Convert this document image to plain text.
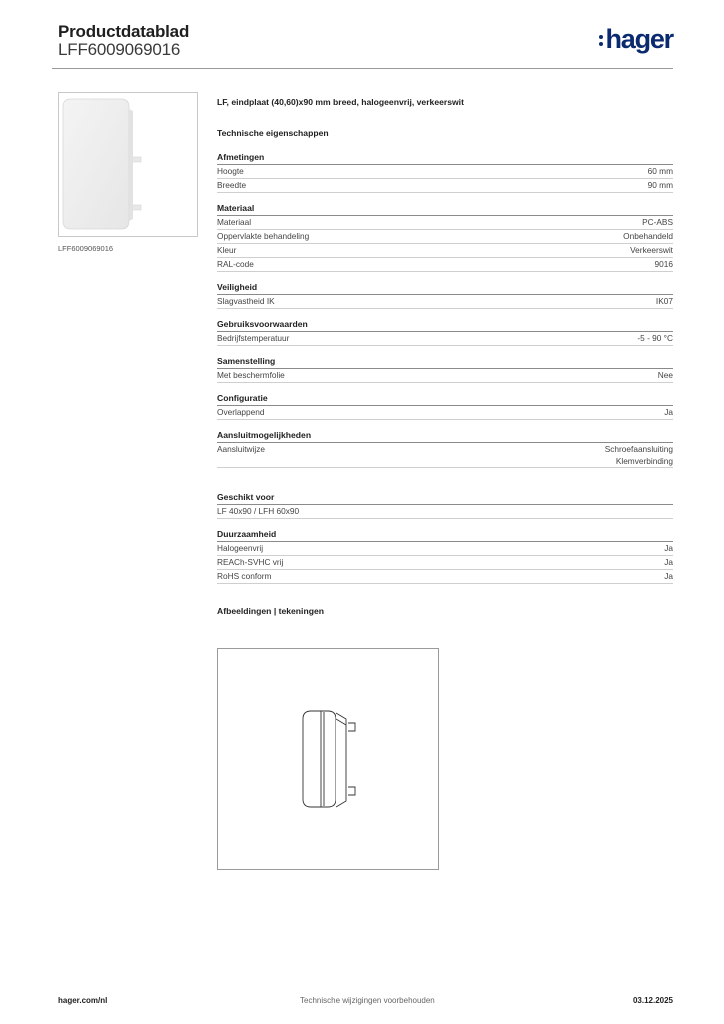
Productdatablad
LFF6009069016	hager
LFF6009069016
LF, eindplaat (40,60)x90 mm breed, halogeenvrij, verkeerswit
Technische eigenschappen
Afmetingen
Hoogte	60 mm
Breedte	90 mm
Materiaal
Materiaal	PC-ABS
Oppervlakte behandeling	Onbehandeld
Kleur	Verkeerswit
RAL-code	9016
Veiligheid
Slagvastheid IK	IK07
Gebruiksvoorwaarden
Bedrijfstemperatuur	-5 - 90 °C
Samenstelling
Met beschermfolie	Nee
Configuratie
Overlappend	Ja
Aansluitmogelijkheden
Aansluitwijze	Schroefaansluiting
Klemverbinding
Geschikt voor
LF 40x90 / LFH 60x90
Duurzaamheid
Halogeenvrij	Ja
REACh-SVHC vrij	Ja
RoHS conform	Ja
Afbeeldingen | tekeningen
hager.com/nl	Technische wijzigingen voorbehouden	03.12.2025
